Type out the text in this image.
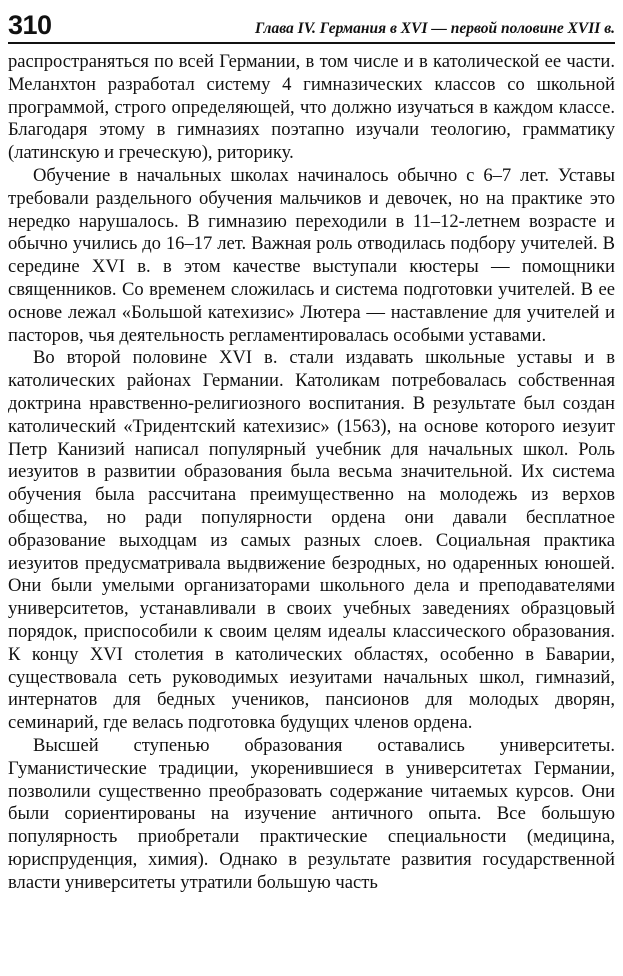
310	Глава IV. Германия в XVI — первой половине XVII в.

распространяться по всей Германии, в том числе и в католической ее части. Меланхтон разработал систему 4 гимназических классов со школьной программой, строго определяющей, что должно изучаться в каждом классе. Благодаря этому в гимназиях поэтапно изучали теологию, грамматику (латинскую и греческую), риторику.

Обучение в начальных школах начиналось обычно с 6–7 лет. Уставы требовали раздельного обучения мальчиков и девочек, но на практике это нередко нарушалось. В гимназию переходили в 11–12-летнем возрасте и обычно учились до 16–17 лет. Важная роль отводилась подбору учителей. В середине XVI в. в этом качестве выступали кюстеры — помощники священников. Со временем сложилась и система подготовки учителей. В ее основе лежал «Большой катехизис» Лютера — наставление для учителей и пасторов, чья деятельность регламентировалась особыми уставами.

Во второй половине XVI в. стали издавать школьные уставы и в католических районах Германии. Католикам потребовалась собственная доктрина нравственно-религиозного воспитания. В результате был создан католический «Тридентский катехизис» (1563), на основе которого иезуит Петр Канизий написал популярный учебник для начальных школ. Роль иезуитов в развитии образования была весьма значительной. Их система обучения была рассчитана преимущественно на молодежь из верхов общества, но ради популярности ордена они давали бесплатное образование выходцам из самых разных слоев. Социальная практика иезуитов предусматривала выдвижение безродных, но одаренных юношей. Они были умелыми организаторами школьного дела и преподавателями университетов, устанавливали в своих учебных заведениях образцовый порядок, приспособили к своим целям идеалы классического образования. К концу XVI столетия в католических областях, особенно в Баварии, существовала сеть руководимых иезуитами начальных школ, гимназий, интернатов для бедных учеников, пансионов для молодых дворян, семинарий, где велась подготовка будущих членов ордена.

Высшей ступенью образования оставались университеты. Гуманистические традиции, укоренившиеся в университетах Германии, позволили существенно преобразовать содержание читаемых курсов. Они были сориентированы на изучение античного опыта. Все большую популярность приобретали практические специальности (медицина, юриспруденция, химия). Однако в результате развития государственной власти университеты утратили большую часть
